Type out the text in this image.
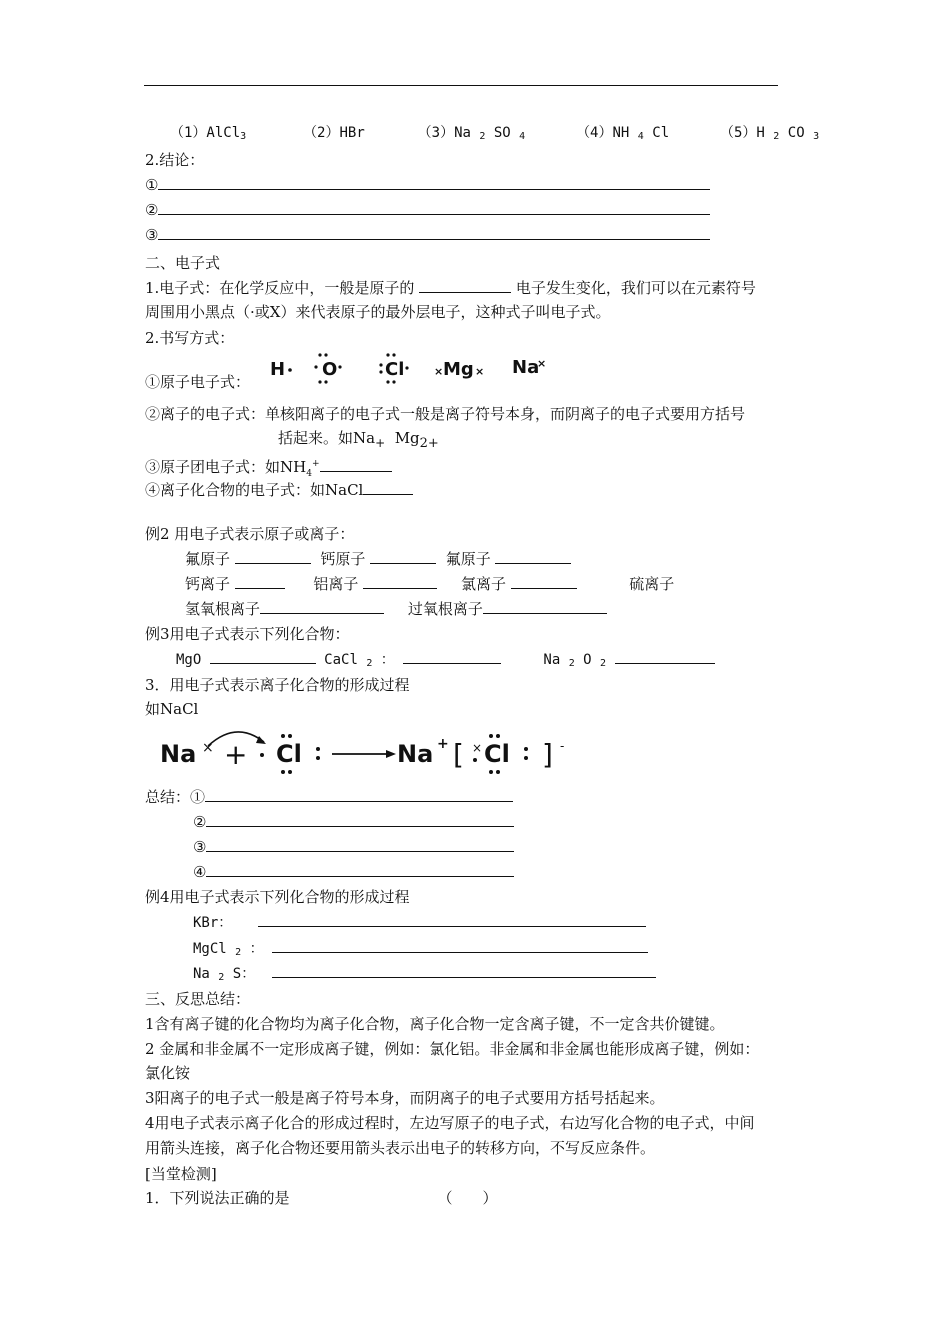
（1）AlCl$_3$	（2）HBr	（3）Na $_2$ SO $_4$	（4）NH $_4$ Cl	（5）H $_2$ CO $_3$
2.结论：
①
②
③
二、电子式
1.电子式：在化学反应中，一般是原子的	电子发生变化，我们可以在元素符号
周围用小黑点（·或X）来代表原子的最外层电子，这种式子叫电子式。
2.书写方式：
①原子电子式：
H O	Cl	× Mg × Na
×
②离子的电子式：单核阳离子的电子式一般是离子符号本身，而阴离子的电子式要用方括号
括起来。如$Na_+$ $Mg_{2+}$
③原子团电子式：如$NH_4^+$
④离子化合物的电子式：如NaCl
例2 用电子式表示原子或离子：
氟原子	钙原子	氟原子
钙离子	铝离子	氯离子	硫离子
氢氧根离子	过氧根离子
例3用电子式表示下列化合物：
MgO	CaCl $_2$ ：	Na $_2$ O $_2$
3．用电子式表示离子化合物的形成过程
如NaCl
Na × + Cl	Na + [ × Cl ] -
总结：①
②
③
④
例4用电子式表示下列化合物的形成过程
KBr：
MgCl $_2$ ：
Na $_2$ S：
三、反思总结：
1含有离子键的化合物均为离子化合物，离子化合物一定含离子键，不一定含共价键键。
2 金属和非金属不一定形成离子键，例如：氯化铝。非金属和非金属也能形成离子键，例如：
氯化铵
3阳离子的电子式一般是离子符号本身，而阴离子的电子式要用方括号括起来。
4用电子式表示离子化合的形成过程时，左边写原子的电子式，右边写化合物的电子式，中间
用箭头连接，离子化合物还要用箭头表示出电子的转移方向，不写反应条件。
[当堂检测]
1．下列说法正确的是	（　　）
